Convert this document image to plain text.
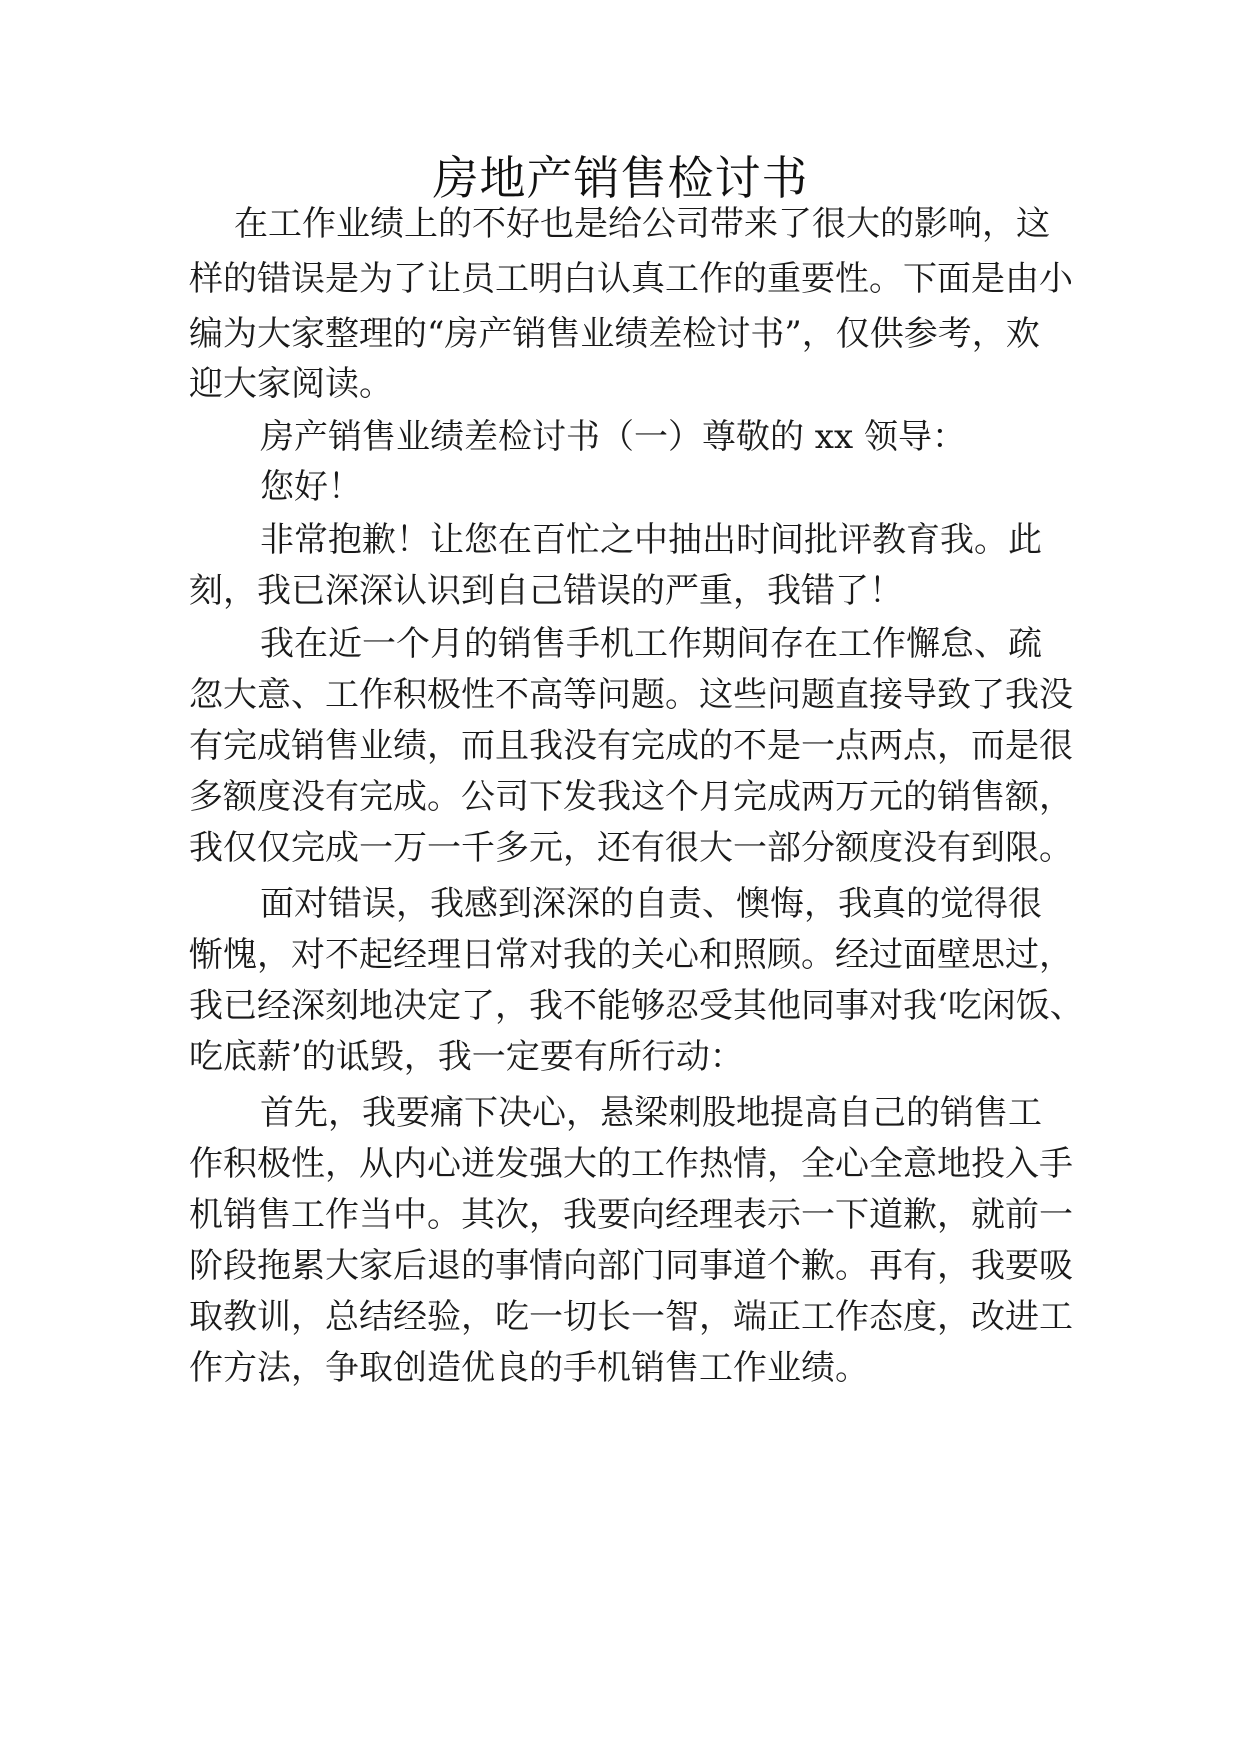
房地产销售检讨书
在工作业绩上的不好也是给公司带来了很大的影响，这
样的错误是为了让员工明白认真工作的重要性。下面是由小
编为大家整理的“房产销售业绩差检讨书”，仅供参考，欢
迎大家阅读。
房产销售业绩差检讨书（一）尊敬的 xx 领导：
您好！
非常抱歉！让您在百忙之中抽出时间批评教育我。此
刻，我已深深认识到自己错误的严重，我错了！
我在近一个月的销售手机工作期间存在工作懈怠、疏
忽大意、工作积极性不高等问题。这些问题直接导致了我没
有完成销售业绩，而且我没有完成的不是一点两点，而是很
多额度没有完成。公司下发我这个月完成两万元的销售额，
我仅仅完成一万一千多元，还有很大一部分额度没有到限。
面对错误，我感到深深的自责、懊悔，我真的觉得很
惭愧，对不起经理日常对我的关心和照顾。经过面壁思过，
我已经深刻地决定了，我不能够忍受其他同事对我‘吃闲饭、
吃底薪’的诋毁，我一定要有所行动：
首先，我要痛下决心，悬梁刺股地提高自己的销售工
作积极性，从内心迸发强大的工作热情，全心全意地投入手
机销售工作当中。其次，我要向经理表示一下道歉，就前一
阶段拖累大家后退的事情向部门同事道个歉。再有，我要吸
取教训，总结经验，吃一切长一智，端正工作态度，改进工
作方法，争取创造优良的手机销售工作业绩。
